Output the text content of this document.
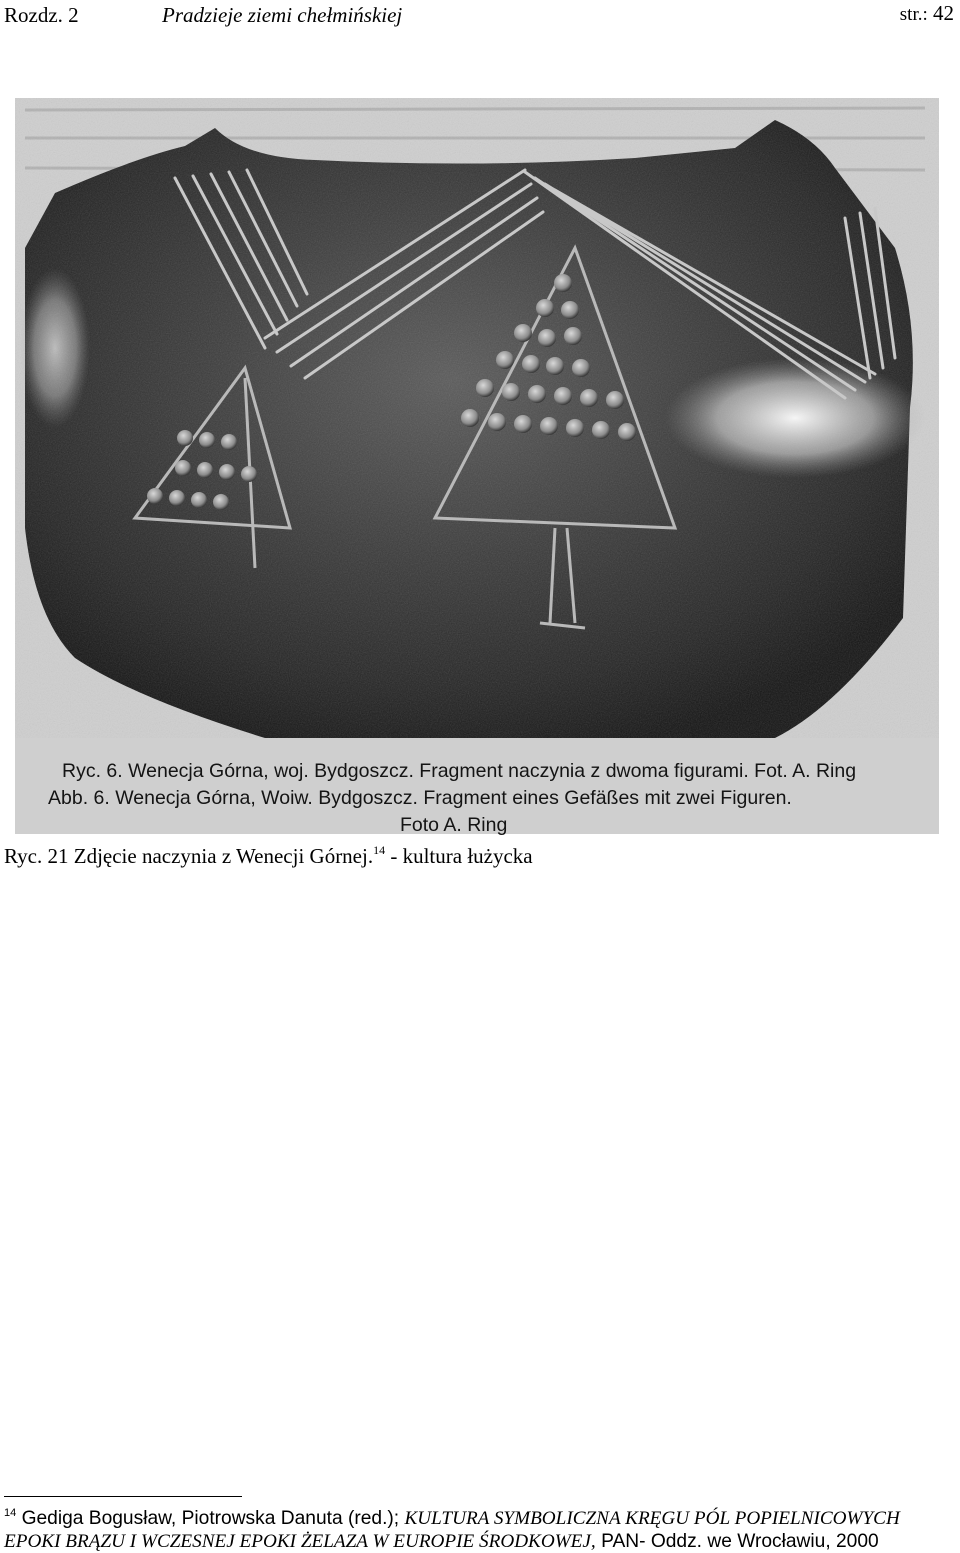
Rozdz. 2	Pradzieje ziemi chełmińskiej	str.: 42
Ryc. 6. Wenecja Górna, woj. Bydgoszcz. Fragment naczynia z dwoma figurami. Fot. A. Ring
Abb. 6. Wenecja Górna, Woiw. Bydgoszcz. Fragment eines Gefäßes mit zwei Figuren.
Foto A. Ring
Ryc. 21 Zdjęcie naczynia z Wenecji Górnej.$^{14}$ - kultura łużycka
$^{14}$ Gediga Bogusław, Piotrowska Danuta (red.); KULTURA SYMBOLICZNA KRĘGU PÓL POPIELNICOWYCH
EPOKI BRĄZU I WCZESNEJ EPOKI ŻELAZA W EUROPIE ŚRODKOWEJ, PAN- Oddz. we Wrocławiu, 2000
